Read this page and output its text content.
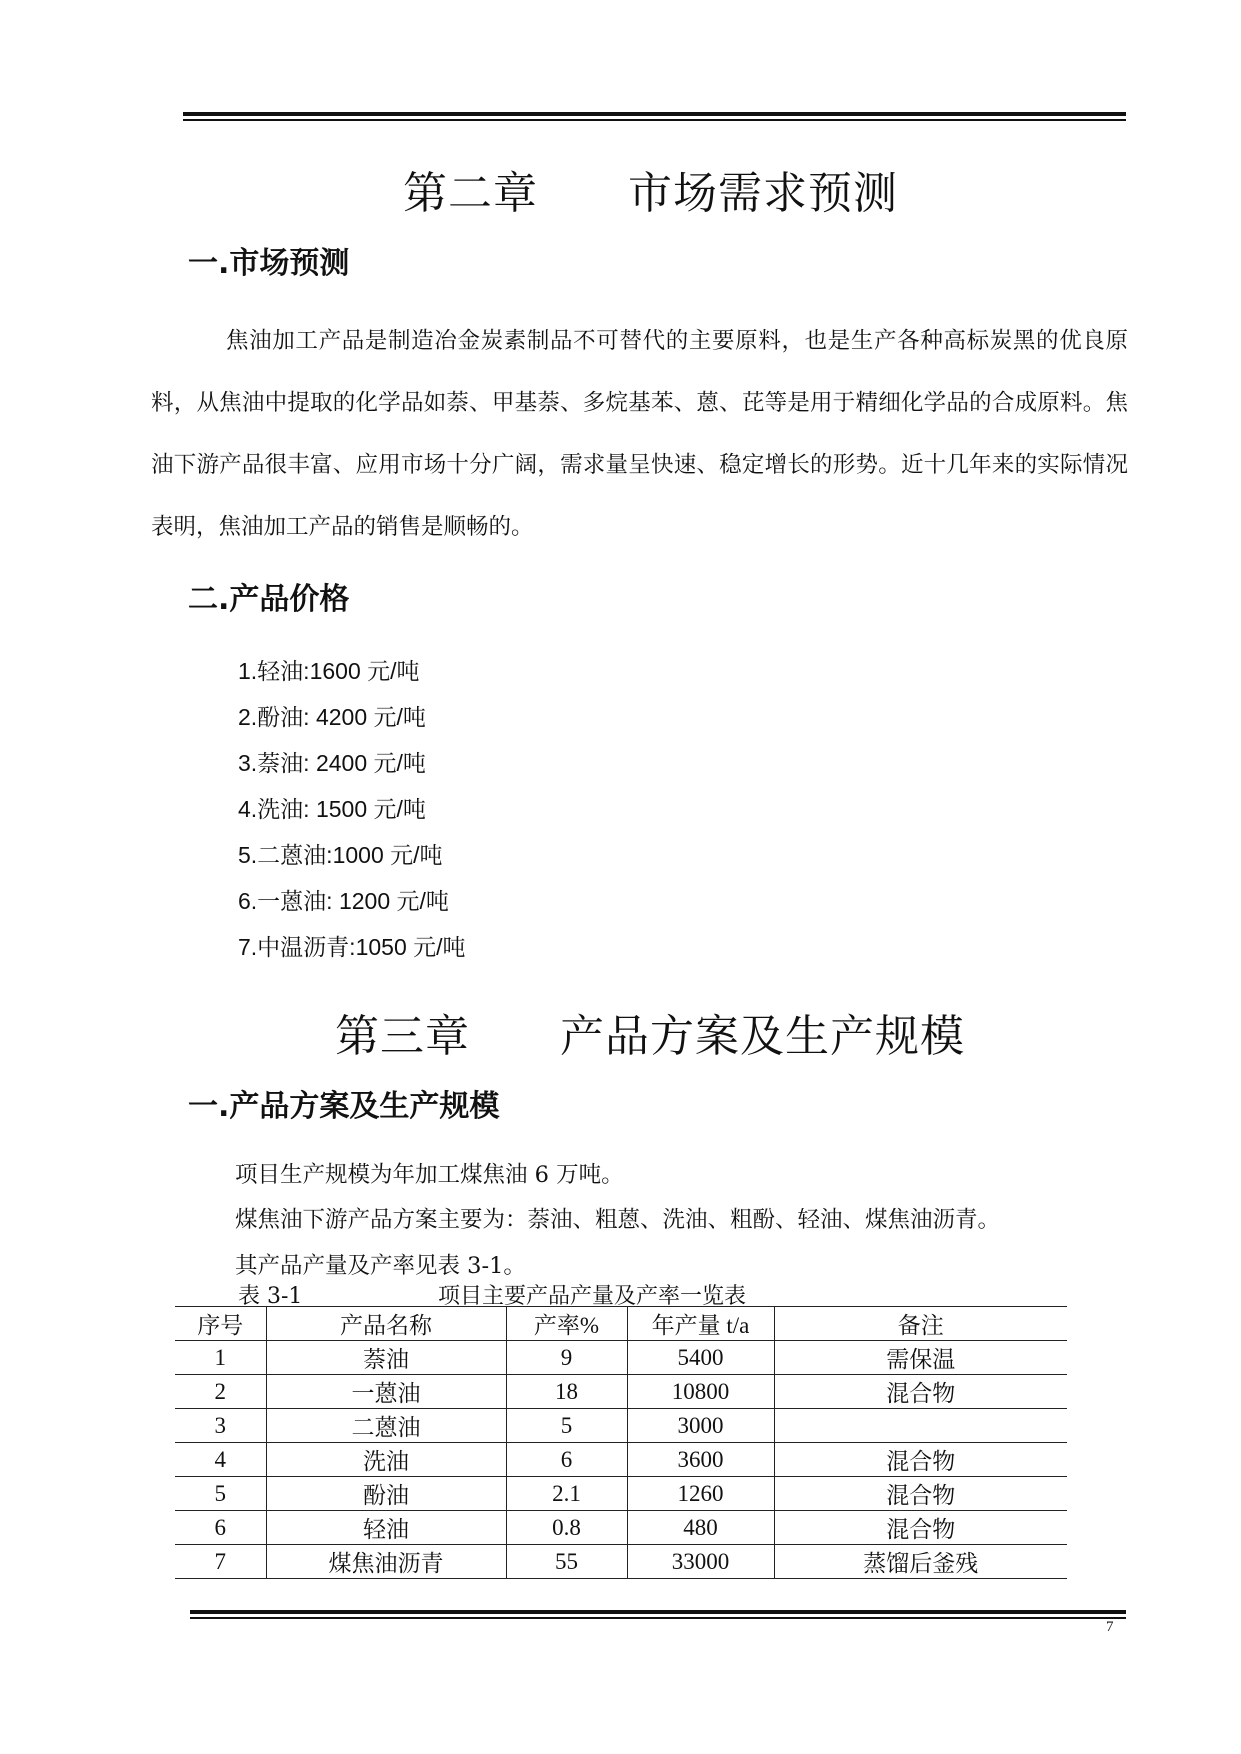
第二章 市场需求预测
一.市场预测

焦油加工产品是制造冶金炭素制品不可替代的主要原料，也是生产各种高标炭黑的优良原料，从焦油中提取的化学品如萘、甲基萘、多烷基苯、蒽、芘等是用于精细化学品的合成原料。焦油下游产品很丰富、应用市场十分广阔，需求量呈快速、稳定增长的形势。近十几年来的实际情况表明，焦油加工产品的销售是顺畅的。

二.产品价格
1.轻油:1600 元/吨
2.酚油: 4200 元/吨
3.萘油: 2400 元/吨
4.洗油: 1500 元/吨
5.二蒽油:1000 元/吨
6.一蒽油: 1200 元/吨
7.中温沥青:1050 元/吨
第三章 产品方案及生产规模
一.产品方案及生产规模
项目生产规模为年加工煤焦油 6 万吨。
煤焦油下游产品方案主要为：萘油、粗蒽、洗油、粗酚、轻油、煤焦油沥青。
其产品产量及产率见表 3-1。
表 3-1	项目主要产品产量及产率一览表
序号	产品名称	产率%	年产量 t/a	备注
1	萘油	9	5400	需保温
2	一蒽油	18	10800	混合物
3	二蒽油	5	3000	
4	洗油	6	3600	混合物
5	酚油	2.1	1260	混合物
6	轻油	0.8	480	混合物
7	煤焦油沥青	55	33000	蒸馏后釜残
7
